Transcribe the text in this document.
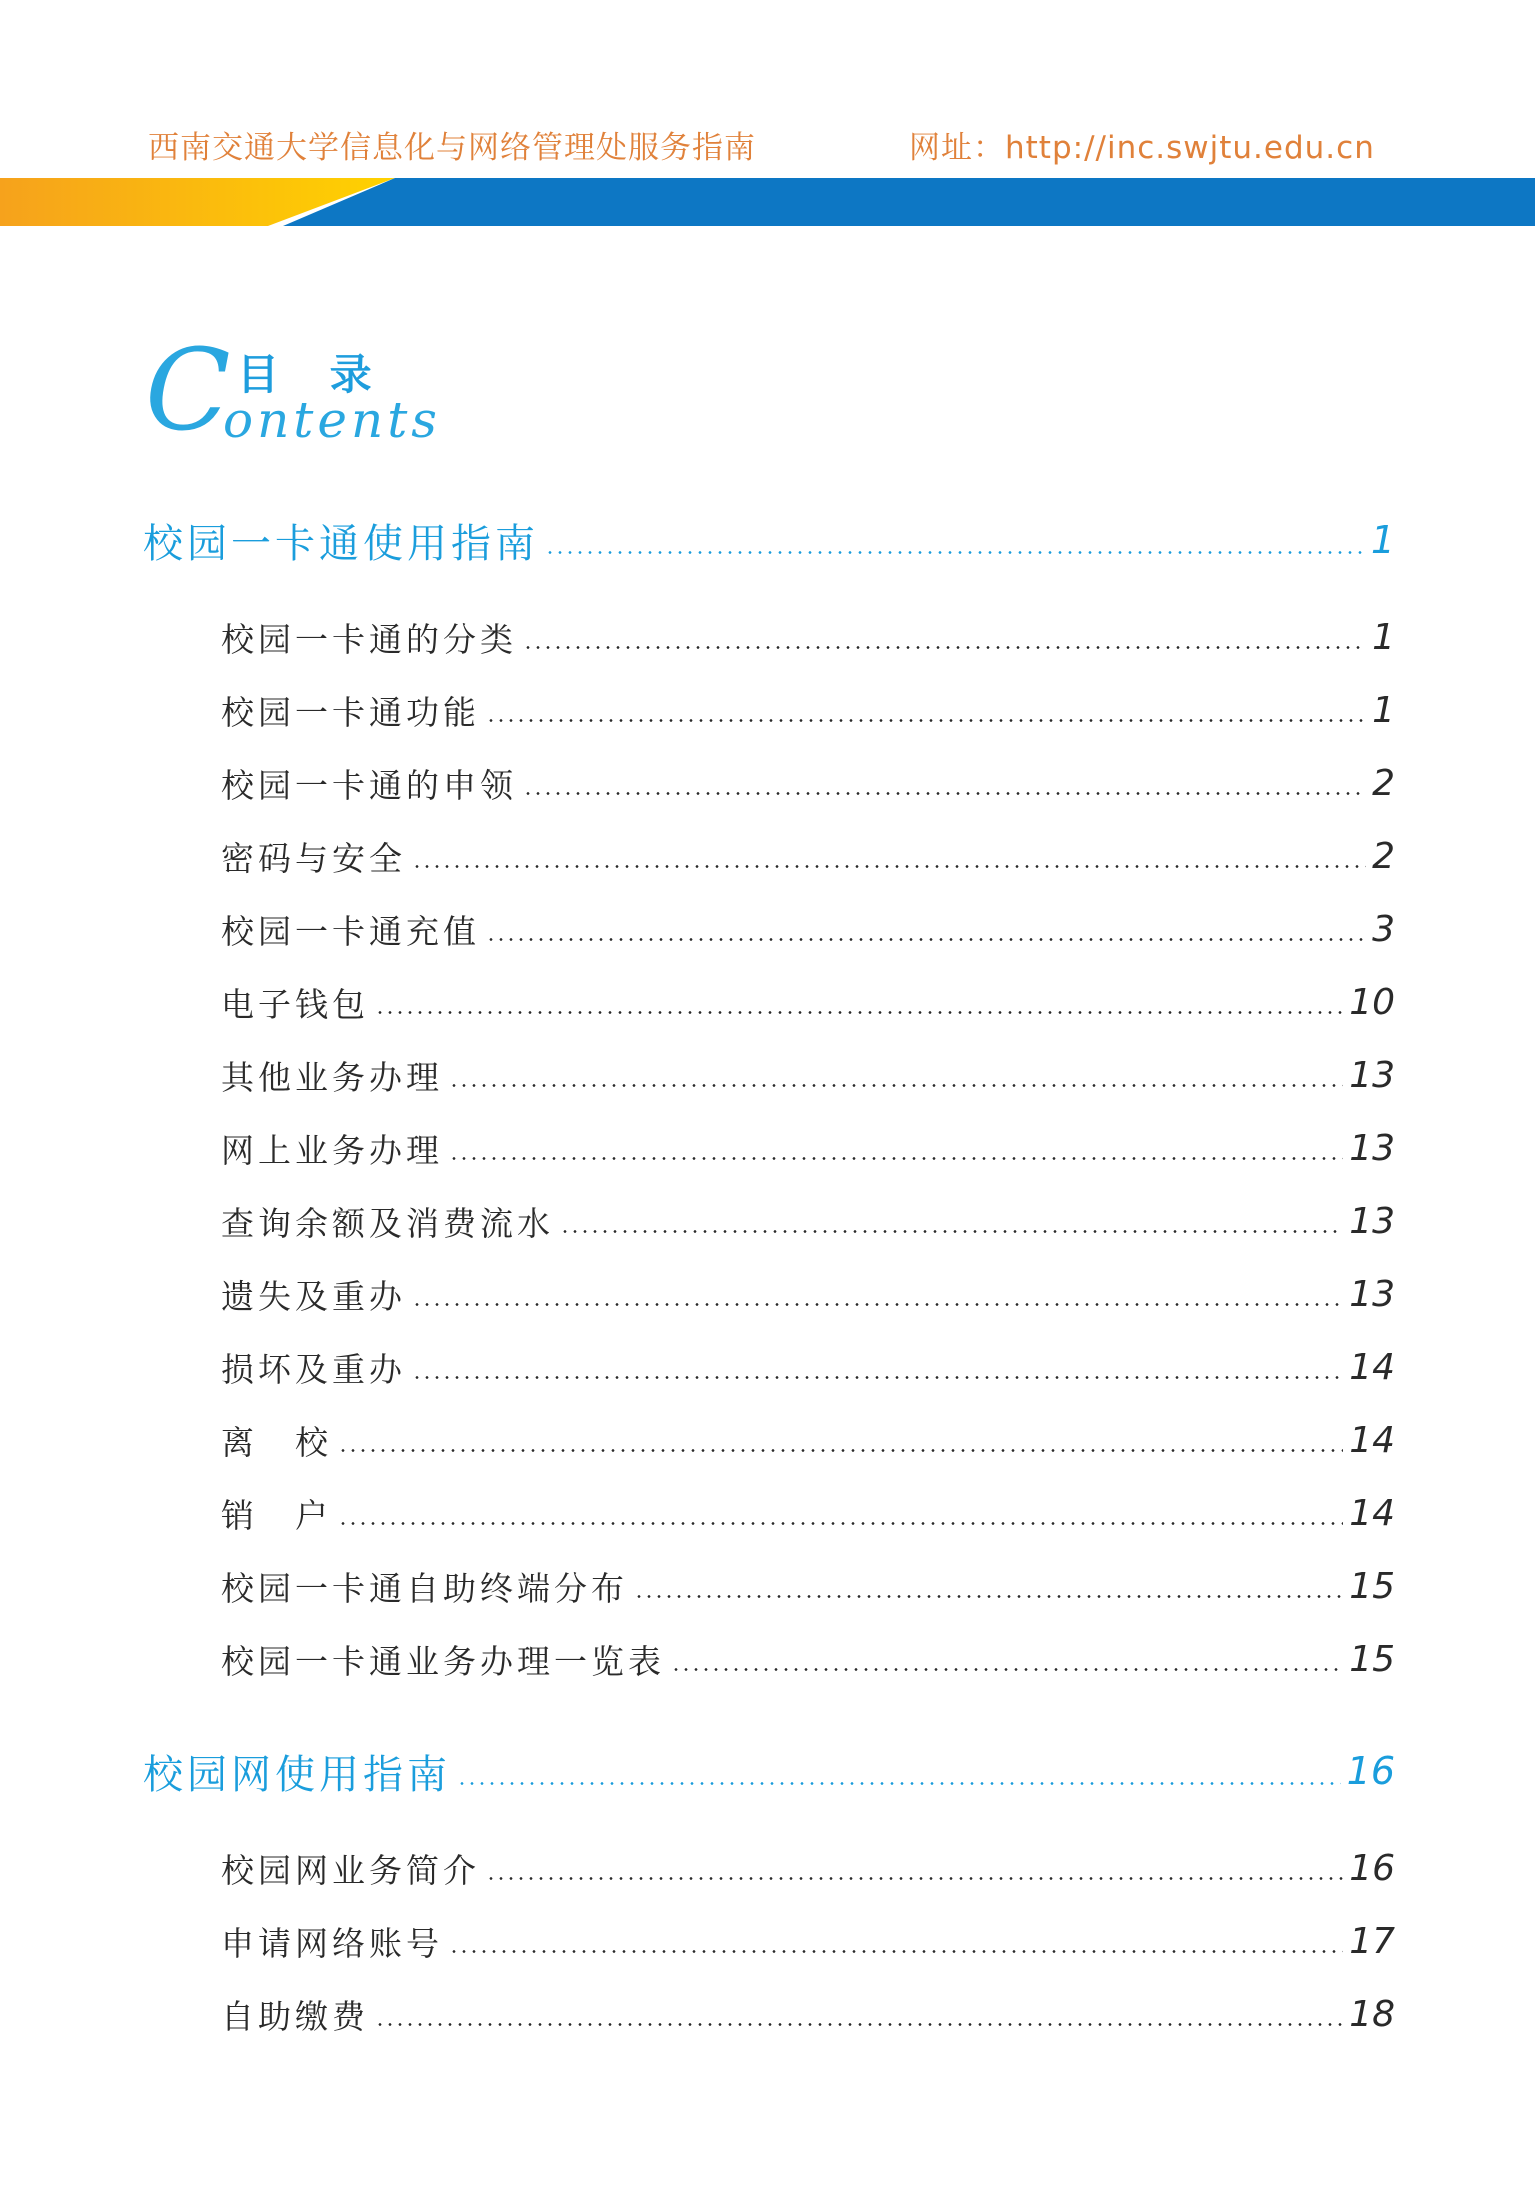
西南交通大学信息化与网络管理处服务指南	网址：http://inc.swjtu.edu.cn
C 目 录
ontents
校园一卡通使用指南	1
校园一卡通的分类	1
校园一卡通功能	1
校园一卡通的申领	2
密码与安全	2
校园一卡通充值	3
电子钱包	10
其他业务办理	13
网上业务办理	13
查询余额及消费流水	13
遗失及重办	13
损坏及重办	14
离　校	14
销　户	14
校园一卡通自助终端分布	15
校园一卡通业务办理一览表	15
校园网使用指南	16
校园网业务简介	16
申请网络账号	17
自助缴费	18
